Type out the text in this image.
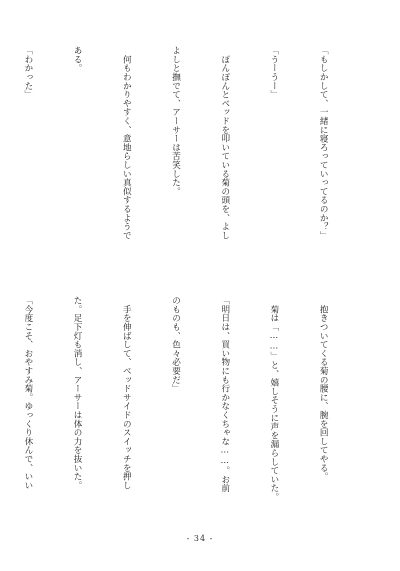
「もしかして、一緒に寝ろっていってるのか？」

「うーうー」

　ぽんぽんとベッドを叩いている菊の頭を、よし

よしと撫でて、アーサーは苦笑した。

　何もわかりやすく、意地らしい真似するようで

ある。

「わかった」

　抱きついてくる菊の腰に、腕を回してやる。

　菊は「……」と、嬉しそうに声を漏らしていた。

「明日は、買い物にも行かなくちゃな……。お前

のものも、色々必要だ」

　手を伸ばして、ベッドサイドのスイッチを押し

た。足下灯も消し、アーサーは体の力を抜いた。

「今度こそ、おやすみ菊。ゆっくり休んで、いい

- 34 -
